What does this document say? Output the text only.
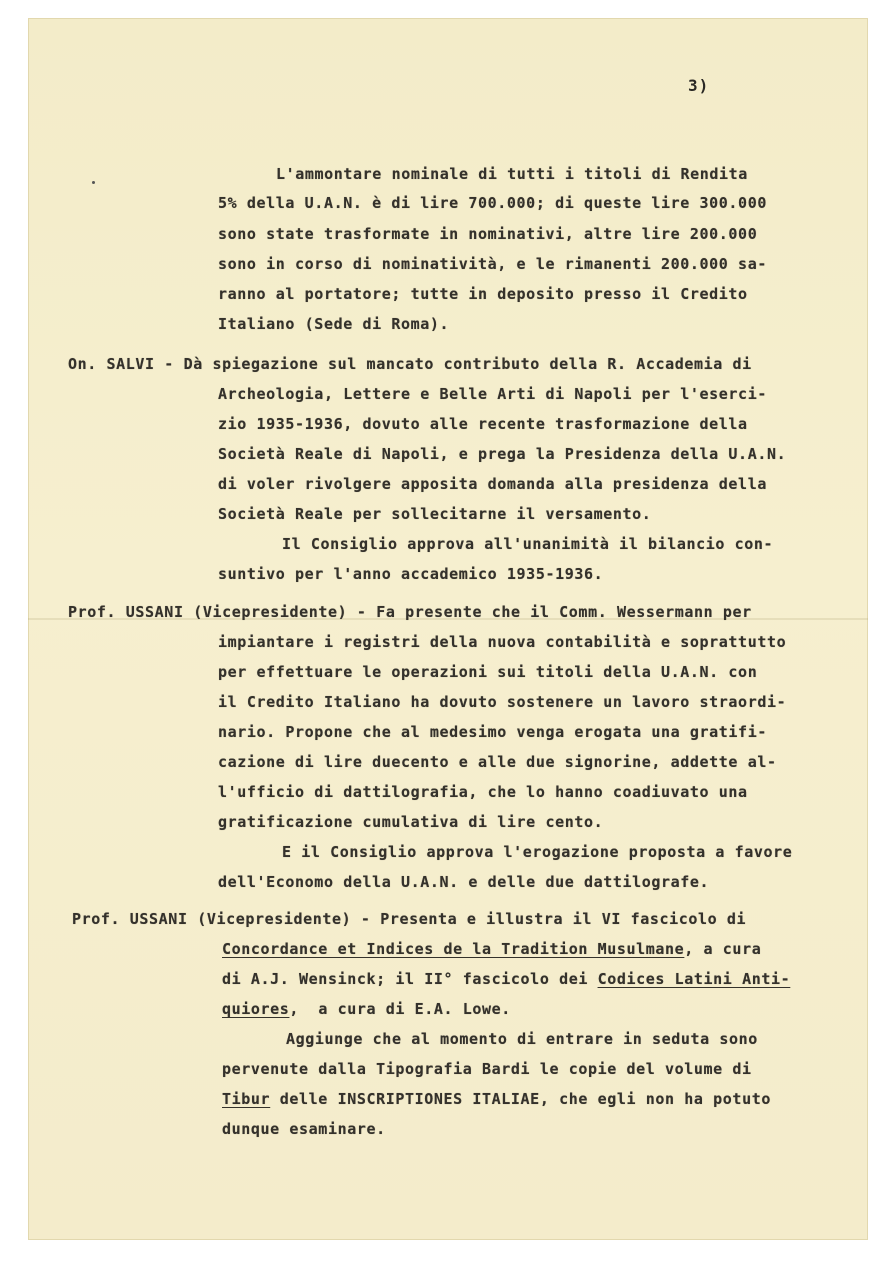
3)
L'ammontare nominale di tutti i titoli di Rendita
5% della U.A.N. è di lire 700.000; di queste lire 300.000
sono state trasformate in nominativi, altre lire 200.000
sono in corso di nominatività, e le rimanenti 200.000 sa-
ranno al portatore; tutte in deposito presso il Credito
Italiano (Sede di Roma).
On. SALVI - Dà spiegazione sul mancato contributo della R. Accademia di
Archeologia, Lettere e Belle Arti di Napoli per l'eserci-
zio 1935-1936, dovuto alle recente trasformazione della
Società Reale di Napoli, e prega la Presidenza della U.A.N.
di voler rivolgere apposita domanda alla presidenza della
Società Reale per sollecitarne il versamento.
Il Consiglio approva all'unanimità il bilancio con-
suntivo per l'anno accademico 1935-1936.
Prof. USSANI (Vicepresidente) - Fa presente che il Comm. Wessermann per
impiantare i registri della nuova contabilità e soprattutto
per effettuare le operazioni sui titoli della U.A.N. con
il Credito Italiano ha dovuto sostenere un lavoro straordi-
nario. Propone che al medesimo venga erogata una gratifi-
cazione di lire duecento e alle due signorine, addette al-
l'ufficio di dattilografia, che lo hanno coadiuvato una
gratificazione cumulativa di lire cento.
E il Consiglio approva l'erogazione proposta a favore
dell'Economo della U.A.N. e delle due dattilografe.
Prof. USSANI (Vicepresidente) - Presenta e illustra il VI fascicolo di
Concordance et Indices de la Tradition Musulmane, a cura
di A.J. Wensinck; il II° fascicolo dei Codices Latini Anti-
quiores,  a cura di E.A. Lowe.
Aggiunge che al momento di entrare in seduta sono
pervenute dalla Tipografia Bardi le copie del volume di
Tibur delle INSCRIPTIONES ITALIAE, che egli non ha potuto
dunque esaminare.
